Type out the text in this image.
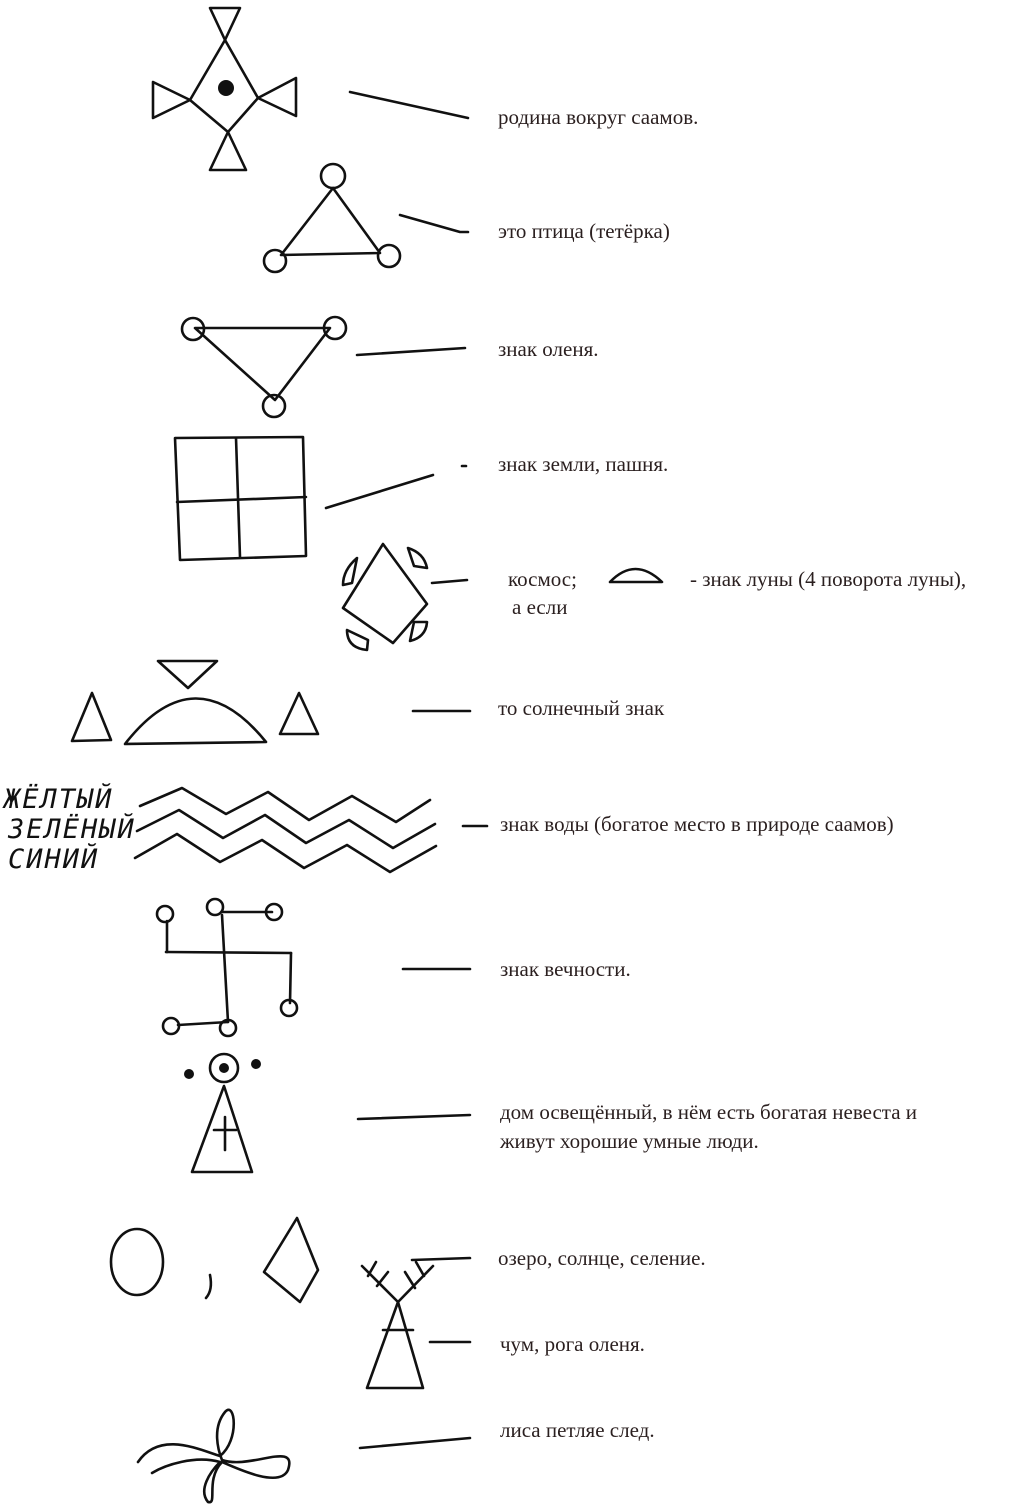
родина вокруг саамов.
это птица (тетёрка)
знак оленя.
знак земли, пашня.
космос;	- знак луны (4 поворота луны),
а если
то солнечный знак
знак воды (богатое место в природе саамов)
знак вечности.
дом освещённый, в нём есть богатая невеста и
живут хорошие умные люди.
озеро, солнце, селение.
чум, рога оленя.
лиса петляе след.
ЖЁЛТЫЙ
ЗЕЛЁНЫЙ
СИНИЙ
